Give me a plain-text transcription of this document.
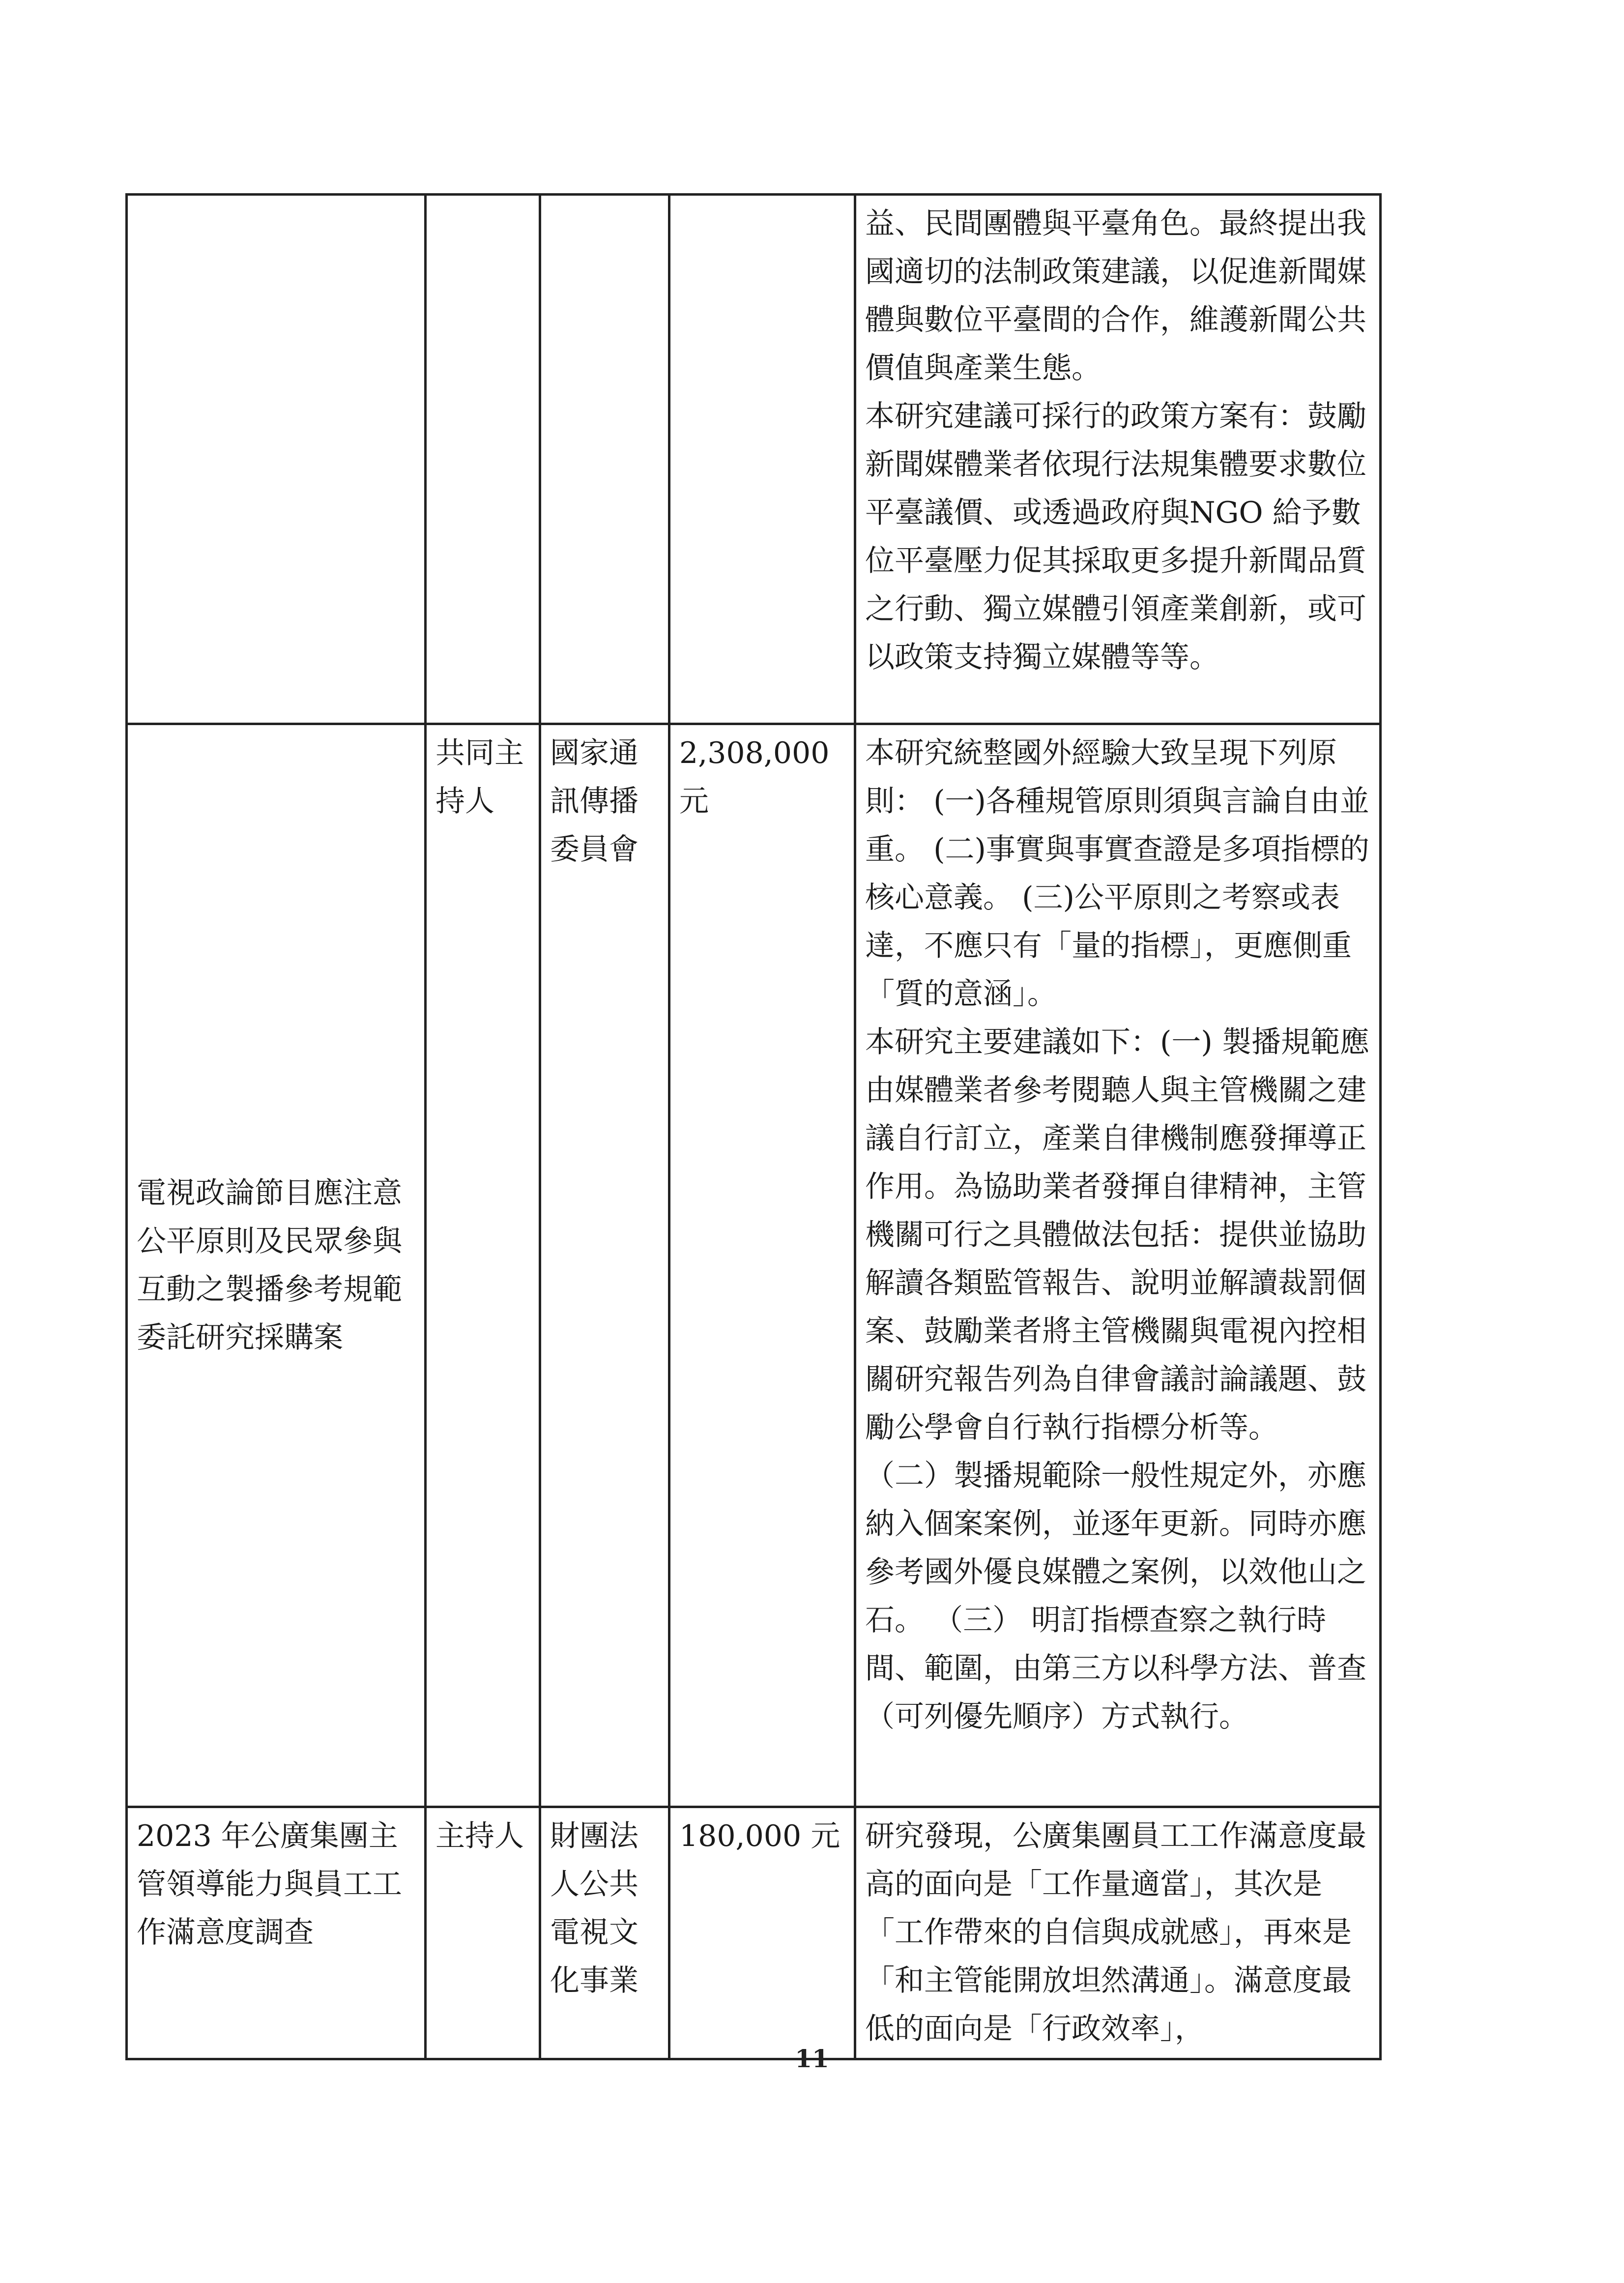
				益、民間團體與平臺角色。最終提出我國適切的法制政策建議，以促進新聞媒體與數位平臺間的合作，維護新聞公共價值與產業生態。
本研究建議可採行的政策方案有：鼓勵新聞媒體業者依現行法規集體要求數位平臺議價、或透過政府與NGO 給予數位平臺壓力促其採取更多提升新聞品質之行動、獨立媒體引領產業創新，或可以政策支持獨立媒體等等。

電視政論節目應注意公平原則及民眾參與互動之製播參考規範委託研究採購案	共同主持人	國家通訊傳播委員會	2,308,000 元	本研究統整國外經驗大致呈現下列原則： (一)各種規管原則須與言論自由並重。 (二)事實與事實查證是多項指標的核心意義。 (三)公平原則之考察或表達，不應只有「量的指標」，更應側重「質的意涵」。
本研究主要建議如下：(一) 製播規範應由媒體業者參考閱聽人與主管機關之建議自行訂立，產業自律機制應發揮導正作用。為協助業者發揮自律精神，主管機關可行之具體做法包括：提供並協助解讀各類監管報告、說明並解讀裁罰個案、鼓勵業者將主管機關與電視內控相關研究報告列為自律會議討論議題、鼓勵公學會自行執行指標分析等。
（二）製播規範除一般性規定外，亦應納入個案案例，並逐年更新。同時亦應 參考國外優良媒體之案例，以效他山之石。 （三） 明訂指標查察之執行時間、範圍，由第三方以科學方法、普查（可列優先順序）方式執行。

2023 年公廣集團主管領導能力與員工工作滿意度調查	主持人	財團法人公共電視文化事業	180,000 元	研究發現，公廣集團員工工作滿意度最高的面向是「工作量適當」，其次是「工作帶來的自信與成就感」，再來是「和主管能開放坦然溝通」。滿意度最低的面向是「行政效率」，
11
